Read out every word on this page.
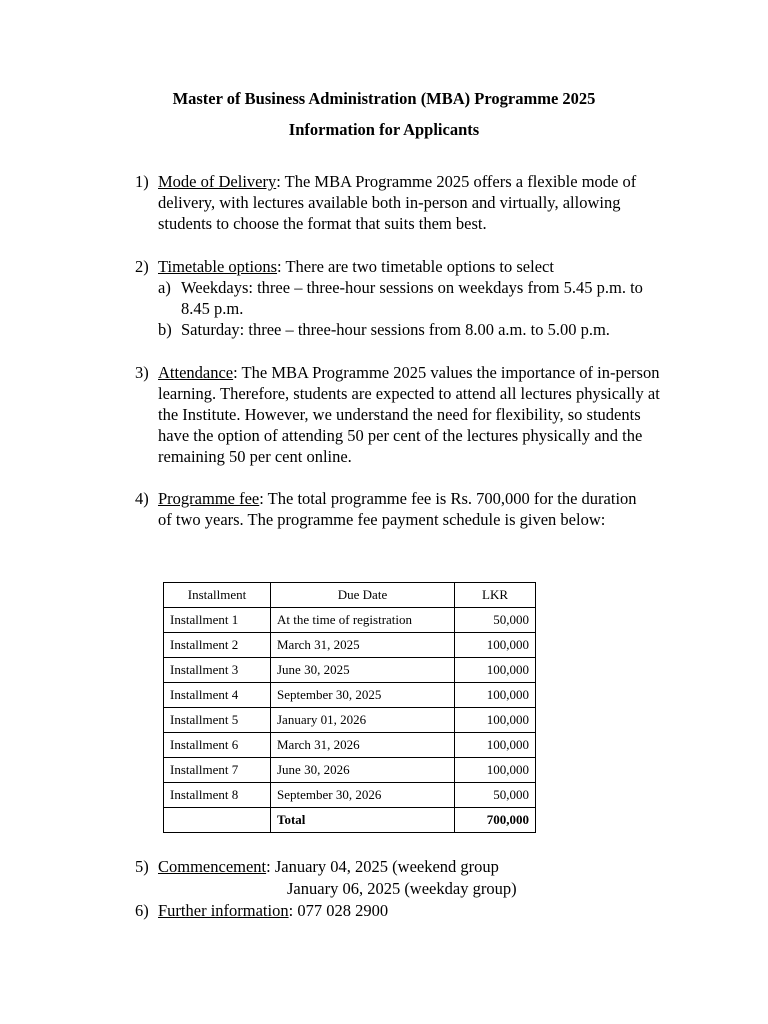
Master of Business Administration (MBA) Programme 2025
Information for Applicants
1) Mode of Delivery: The MBA Programme 2025 offers a flexible mode of delivery, with lectures available both in-person and virtually, allowing students to choose the format that suits them best.
2) Timetable options: There are two timetable options to select
a) Weekdays: three – three-hour sessions on weekdays from 5.45 p.m. to 8.45 p.m.
b) Saturday: three – three-hour sessions from 8.00 a.m. to 5.00 p.m.
3) Attendance: The MBA Programme 2025 values the importance of in-person learning. Therefore, students are expected to attend all lectures physically at the Institute. However, we understand the need for flexibility, so students have the option of attending 50 per cent of the lectures physically and the remaining 50 per cent online.
4) Programme fee: The total programme fee is Rs. 700,000 for the duration of two years. The programme fee payment schedule is given below:
Installment	Due Date	LKR
Installment 1	At the time of registration	50,000
Installment 2	March 31, 2025	100,000
Installment 3	June 30, 2025	100,000
Installment 4	September 30, 2025	100,000
Installment 5	January 01, 2026	100,000
Installment 6	March 31, 2026	100,000
Installment 7	June 30, 2026	100,000
Installment 8	September 30, 2026	50,000
	Total	700,000
5) Commencement: January 04, 2025 (weekend group
January 06, 2025 (weekday group)
6) Further information: 077 028 2900
